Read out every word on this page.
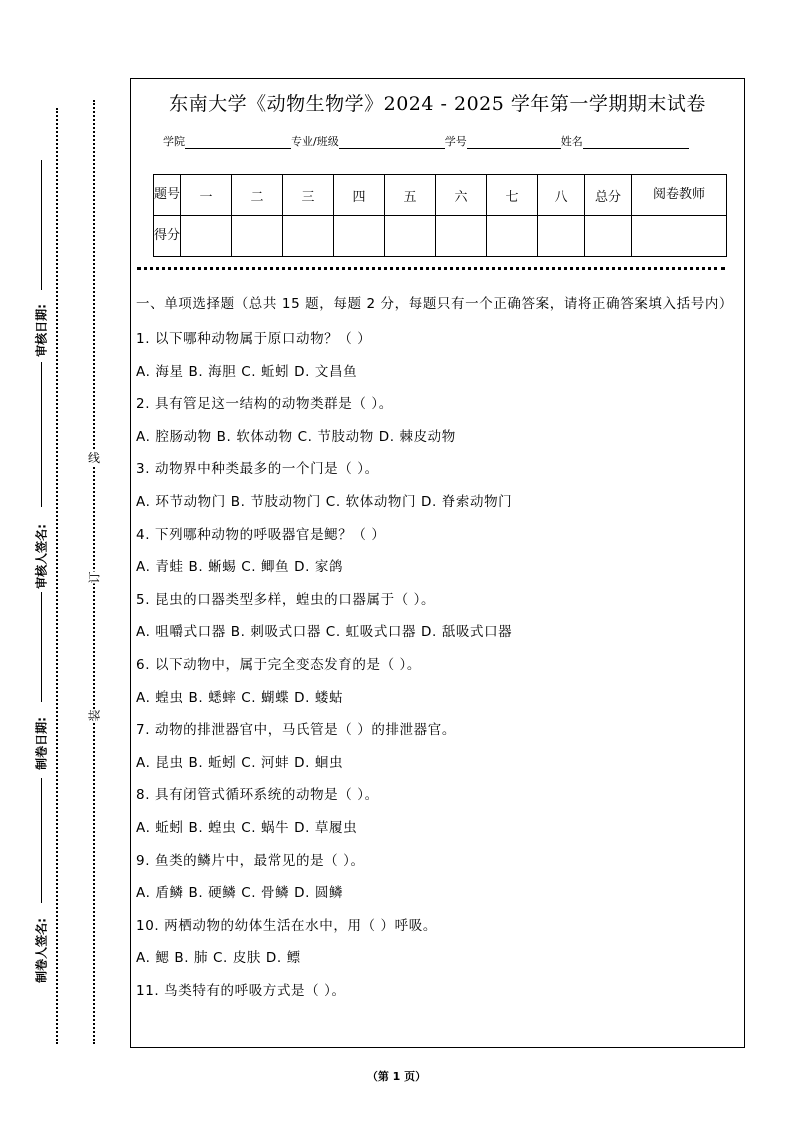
审核日期:
审核人签名:
制卷日期:
制卷人签名:
线
订
装
东南大学《动物生物学》2024 - 2025 学年第一学期期末试卷
学院	专业/班级	学号	姓名
题号	一	二	三	四	五	六	七	八	总分	阅卷教师
得分										
一、单项选择题（总共 15 题，每题 2 分，每题只有一个正确答案，请将正确答案填入括号内）
1. 以下哪种动物属于原口动物？（ ）
A. 海星 B. 海胆 C. 蚯蚓 D. 文昌鱼
2. 具有管足这一结构的动物类群是（ ）。
A. 腔肠动物 B. 软体动物 C. 节肢动物 D. 棘皮动物
3. 动物界中种类最多的一个门是（ ）。
A. 环节动物门 B. 节肢动物门 C. 软体动物门 D. 脊索动物门
4. 下列哪种动物的呼吸器官是鳃？（ ）
A. 青蛙 B. 蜥蜴 C. 鲫鱼 D. 家鸽
5. 昆虫的口器类型多样，蝗虫的口器属于（ ）。
A. 咀嚼式口器 B. 刺吸式口器 C. 虹吸式口器 D. 舐吸式口器
6. 以下动物中，属于完全变态发育的是（ ）。
A. 蝗虫 B. 蟋蟀 C. 蝴蝶 D. 蝼蛄
7. 动物的排泄器官中，马氏管是（ ）的排泄器官。
A. 昆虫 B. 蚯蚓 C. 河蚌 D. 蛔虫
8. 具有闭管式循环系统的动物是（ ）。
A. 蚯蚓 B. 蝗虫 C. 蜗牛 D. 草履虫
9. 鱼类的鳞片中，最常见的是（ ）。
A. 盾鳞 B. 硬鳞 C. 骨鳞 D. 圆鳞
10. 两栖动物的幼体生活在水中，用（ ）呼吸。
A. 鳃 B. 肺 C. 皮肤 D. 鳔
11. 鸟类特有的呼吸方式是（ ）。
（第 1 页）
